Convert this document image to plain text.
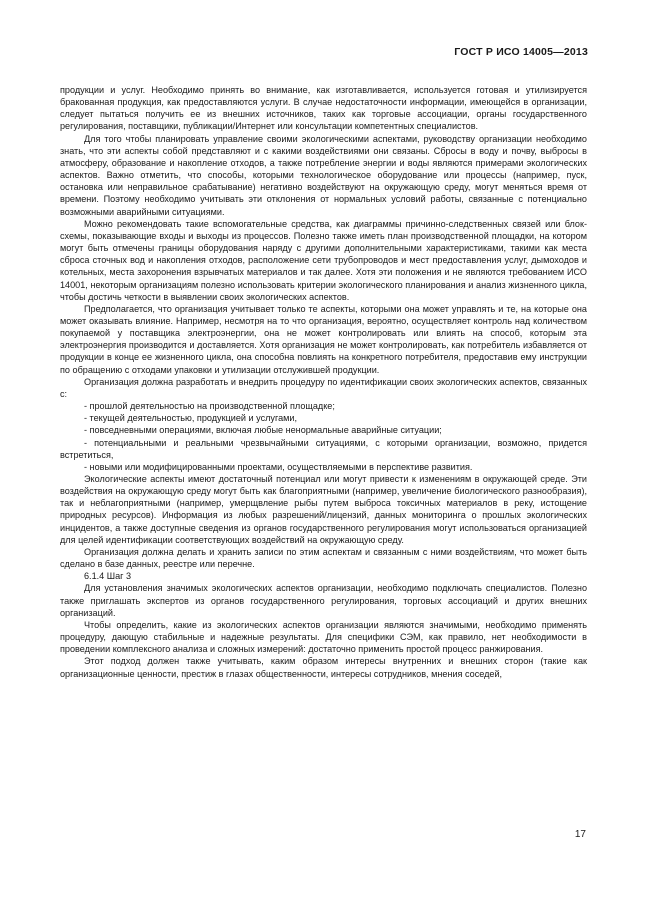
ГОСТ Р ИСО 14005—2013

продукции и услуг. Необходимо принять во внимание, как изготавливается, используется готовая и утилизируется бракованная продукция, как предоставляются услуги. В случае недостаточности информации, имеющейся в организации, следует пытаться получить ее из внешних источников, таких как торговые ассоциации, органы государственного регулирования, поставщики, публикации/Интернет или консультации компетентных специалистов.

Для того чтобы планировать управление своими экологическими аспектами, руководству организации необходимо знать, что эти аспекты собой представляют и с какими воздействиями они связаны. Сбросы в воду и почву, выбросы в атмосферу, образование и накопление отходов, а также потребление энергии и воды являются примерами экологических аспектов. Важно отметить, что способы, которыми технологическое оборудование или процессы (например, пуск, остановка или неправильное срабатывание) негативно воздействуют на окружающую среду, могут меняться время от времени. Поэтому необходимо учитывать эти отклонения от нормальных условий работы, связанные с потенциально возможными аварийными ситуациями.

Можно рекомендовать такие вспомогательные средства, как диаграммы причинно-следственных связей или блок-схемы, показывающие входы и выходы из процессов. Полезно также иметь план производственной площадки, на котором могут быть отмечены границы оборудования наряду с другими дополнительными характеристиками, такими как места сброса сточных вод и накопления отходов, расположение сети трубопроводов и мест предоставления услуг, дымоходов и котельных, места захоронения взрывчатых материалов и так далее. Хотя эти положения и не являются требованием ИСО 14001, некоторым организациям полезно использовать критерии экологического планирования и анализ жизненного цикла, чтобы достичь четкости в выявлении своих экологических аспектов.

Предполагается, что организация учитывает только те аспекты, которыми она может управлять и те, на которые она может оказывать влияние. Например, несмотря на то что организация, вероятно, осуществляет контроль над количеством покупаемой у поставщика электроэнергии, она не может контролировать или влиять на способ, которым эта электроэнергия производится и доставляется. Хотя организация не может контролировать, как потребитель избавляется от продукции в конце ее жизненного цикла, она способна повлиять на конкретного потребителя, предоставив ему инструкции по обращению с отходами упаковки и утилизации отслужившей продукции.

Организация должна разработать и внедрить процедуру по идентификации своих экологических аспектов, связанных с:

- прошлой деятельностью на производственной площадке;

- текущей деятельностью, продукцией и услугами,

- повседневными операциями, включая любые ненормальные аварийные ситуации;

- потенциальными и реальными чрезвычайными ситуациями, с которыми организации, возможно, придется встретиться,

- новыми или модифицированными проектами, осуществляемыми в перспективе развития.

Экологические аспекты имеют достаточный потенциал или могут привести к изменениям в окружающей среде. Эти воздействия на окружающую среду могут быть как благоприятными (например, увеличение биологического разнообразия), так и неблагоприятными (например, умерщвление рыбы путем выброса токсичных материалов в реку, истощение природных ресурсов). Информация из любых разрешений/лицензий, данных мониторинга о прошлых экологических инцидентов, а также доступные сведения из органов государственного регулирования могут использоваться организацией для целей идентификации соответствующих воздействий на окружающую среду.

Организация должна делать и хранить записи по этим аспектам и связанным с ними воздействиям, что может быть сделано в базе данных, реестре или перечне.

6.1.4 Шаг 3

Для установления значимых экологических аспектов организации, необходимо подключать специалистов. Полезно также приглашать экспертов из органов государственного регулирования, торговых ассоциаций и других внешних организаций.

Чтобы определить, какие из экологических аспектов организации являются значимыми, необходимо применять процедуру, дающую стабильные и надежные результаты. Для специфики СЭМ, как правило, нет необходимости в проведении комплексного анализа и сложных измерений: достаточно применить простой процесс ранжирования.

Этот подход должен также учитывать, каким образом интересы внутренних и внешних сторон (такие как организационные ценности, престиж в глазах общественности, интересы сотрудников, мнения соседей,

17
